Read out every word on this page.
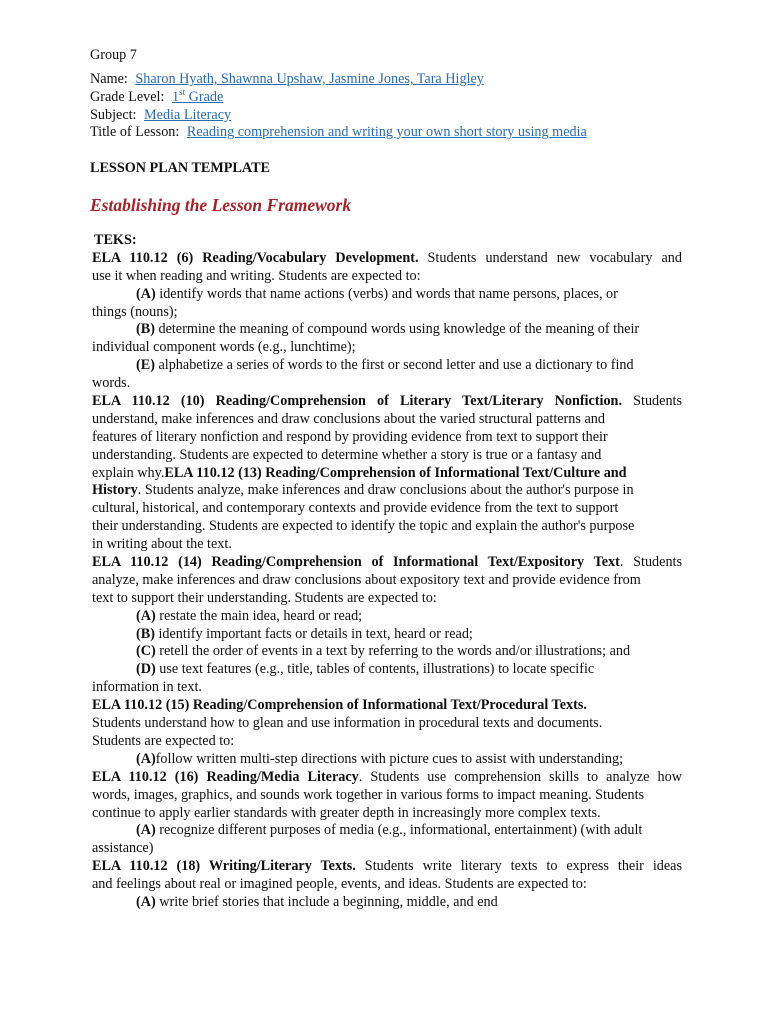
Group 7
Name: Sharon Hyath, Shawnna Upshaw, Jasmine Jones, Tara Higley
Grade Level: 1st Grade
Subject: Media Literacy
Title of Lesson: Reading comprehension and writing your own short story using media
LESSON PLAN TEMPLATE
Establishing the Lesson Framework
TEKS:
ELA 110.12 (6) Reading/Vocabulary Development. Students understand new vocabulary and
use it when reading and writing. Students are expected to:
(A) identify words that name actions (verbs) and words that name persons, places, or
things (nouns);
(B) determine the meaning of compound words using knowledge of the meaning of their
individual component words (e.g., lunchtime);
(E) alphabetize a series of words to the first or second letter and use a dictionary to find
words.
ELA 110.12 (10) Reading/Comprehension of Literary Text/Literary Nonfiction. Students
understand, make inferences and draw conclusions about the varied structural patterns and
features of literary nonfiction and respond by providing evidence from text to support their
understanding. Students are expected to determine whether a story is true or a fantasy and
explain why.ELA 110.12 (13) Reading/Comprehension of Informational Text/Culture and
History. Students analyze, make inferences and draw conclusions about the author's purpose in
cultural, historical, and contemporary contexts and provide evidence from the text to support
their understanding. Students are expected to identify the topic and explain the author's purpose
in writing about the text.
ELA 110.12 (14) Reading/Comprehension of Informational Text/Expository Text. Students
analyze, make inferences and draw conclusions about expository text and provide evidence from
text to support their understanding. Students are expected to:
(A) restate the main idea, heard or read;
(B) identify important facts or details in text, heard or read;
(C) retell the order of events in a text by referring to the words and/or illustrations; and
(D) use text features (e.g., title, tables of contents, illustrations) to locate specific
information in text.
ELA 110.12 (15) Reading/Comprehension of Informational Text/Procedural Texts.
Students understand how to glean and use information in procedural texts and documents.
Students are expected to:
(A)follow written multi-step directions with picture cues to assist with understanding;
ELA 110.12 (16) Reading/Media Literacy. Students use comprehension skills to analyze how
words, images, graphics, and sounds work together in various forms to impact meaning. Students
continue to apply earlier standards with greater depth in increasingly more complex texts.
(A) recognize different purposes of media (e.g., informational, entertainment) (with adult
assistance)
ELA 110.12 (18) Writing/Literary Texts. Students write literary texts to express their ideas
and feelings about real or imagined people, events, and ideas. Students are expected to:
(A) write brief stories that include a beginning, middle, and end
